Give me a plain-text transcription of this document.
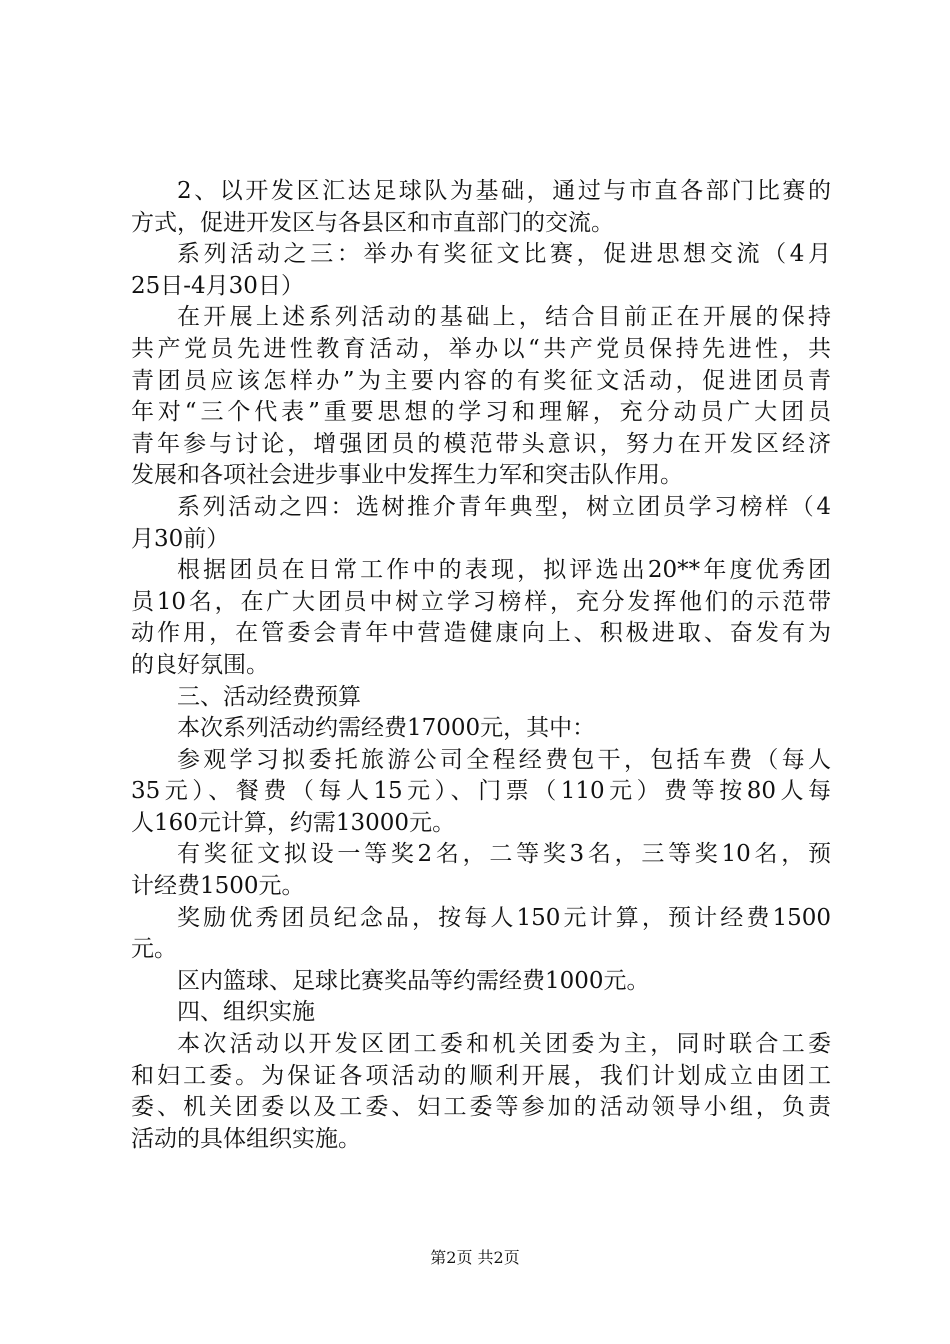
2、以开发区汇达足球队为基础，通过与市直各部门比赛的
方式，促进开发区与各县区和市直部门的交流。
系列活动之三：举办有奖征文比赛，促进思想交流（4月
25日-4月30日）
在开展上述系列活动的基础上，结合目前正在开展的保持
共产党员先进性教育活动，举办以“共产党员保持先进性，共
青团员应该怎样办”为主要内容的有奖征文活动，促进团员青
年对“三个代表”重要思想的学习和理解，充分动员广大团员
青年参与讨论，增强团员的模范带头意识，努力在开发区经济
发展和各项社会进步事业中发挥生力军和突击队作用。
系列活动之四：选树推介青年典型，树立团员学习榜样（4
月30前）
根据团员在日常工作中的表现，拟评选出20**年度优秀团
员10名，在广大团员中树立学习榜样，充分发挥他们的示范带
动作用，在管委会青年中营造健康向上、积极进取、奋发有为
的良好氛围。
三、活动经费预算
本次系列活动约需经费17000元，其中：
参观学习拟委托旅游公司全程经费包干，包括车费（每人
35元）、餐费（每人15元）、门票（110元）费等按80人每
人160元计算，约需13000元。
有奖征文拟设一等奖2名，二等奖3名，三等奖10名，预
计经费1500元。
奖励优秀团员纪念品，按每人150元计算，预计经费1500
元。
区内篮球、足球比赛奖品等约需经费1000元。
四、组织实施
本次活动以开发区团工委和机关团委为主，同时联合工委
和妇工委。为保证各项活动的顺利开展，我们计划成立由团工
委、机关团委以及工委、妇工委等参加的活动领导小组，负责
活动的具体组织实施。
第2页 共2页
